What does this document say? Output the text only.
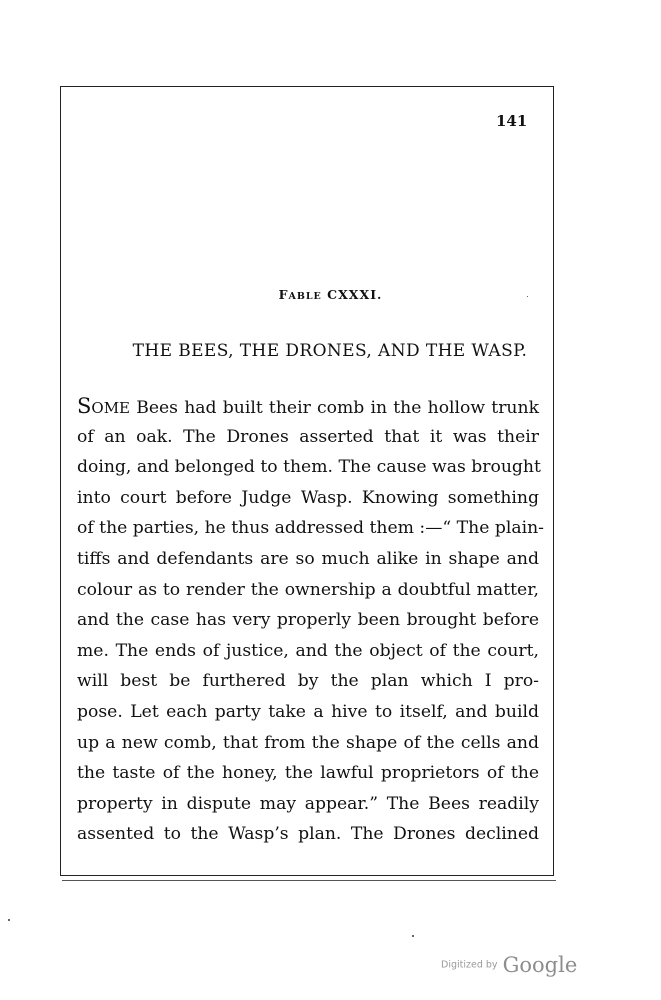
141
FABLE CXXXI.
THE BEES, THE DRONES, AND THE WASP.
SOME Bees had built their comb in the hollow trunk
of an oak. The Drones asserted that it was their
doing, and belonged to them. The cause was brought
into court before Judge Wasp. Knowing something
of the parties, he thus addressed them :—“ The plain-
tiffs and defendants are so much alike in shape and
colour as to render the ownership a doubtful matter,
and the case has very properly been brought before
me. The ends of justice, and the object of the court,
will best be furthered by the plan which I pro-
pose. Let each party take a hive to itself, and build
up a new comb, that from the shape of the cells and
the taste of the honey, the lawful proprietors of the
property in dispute may appear.” The Bees readily
assented to the Wasp’s plan. The Drones declined
Digitized by Google
